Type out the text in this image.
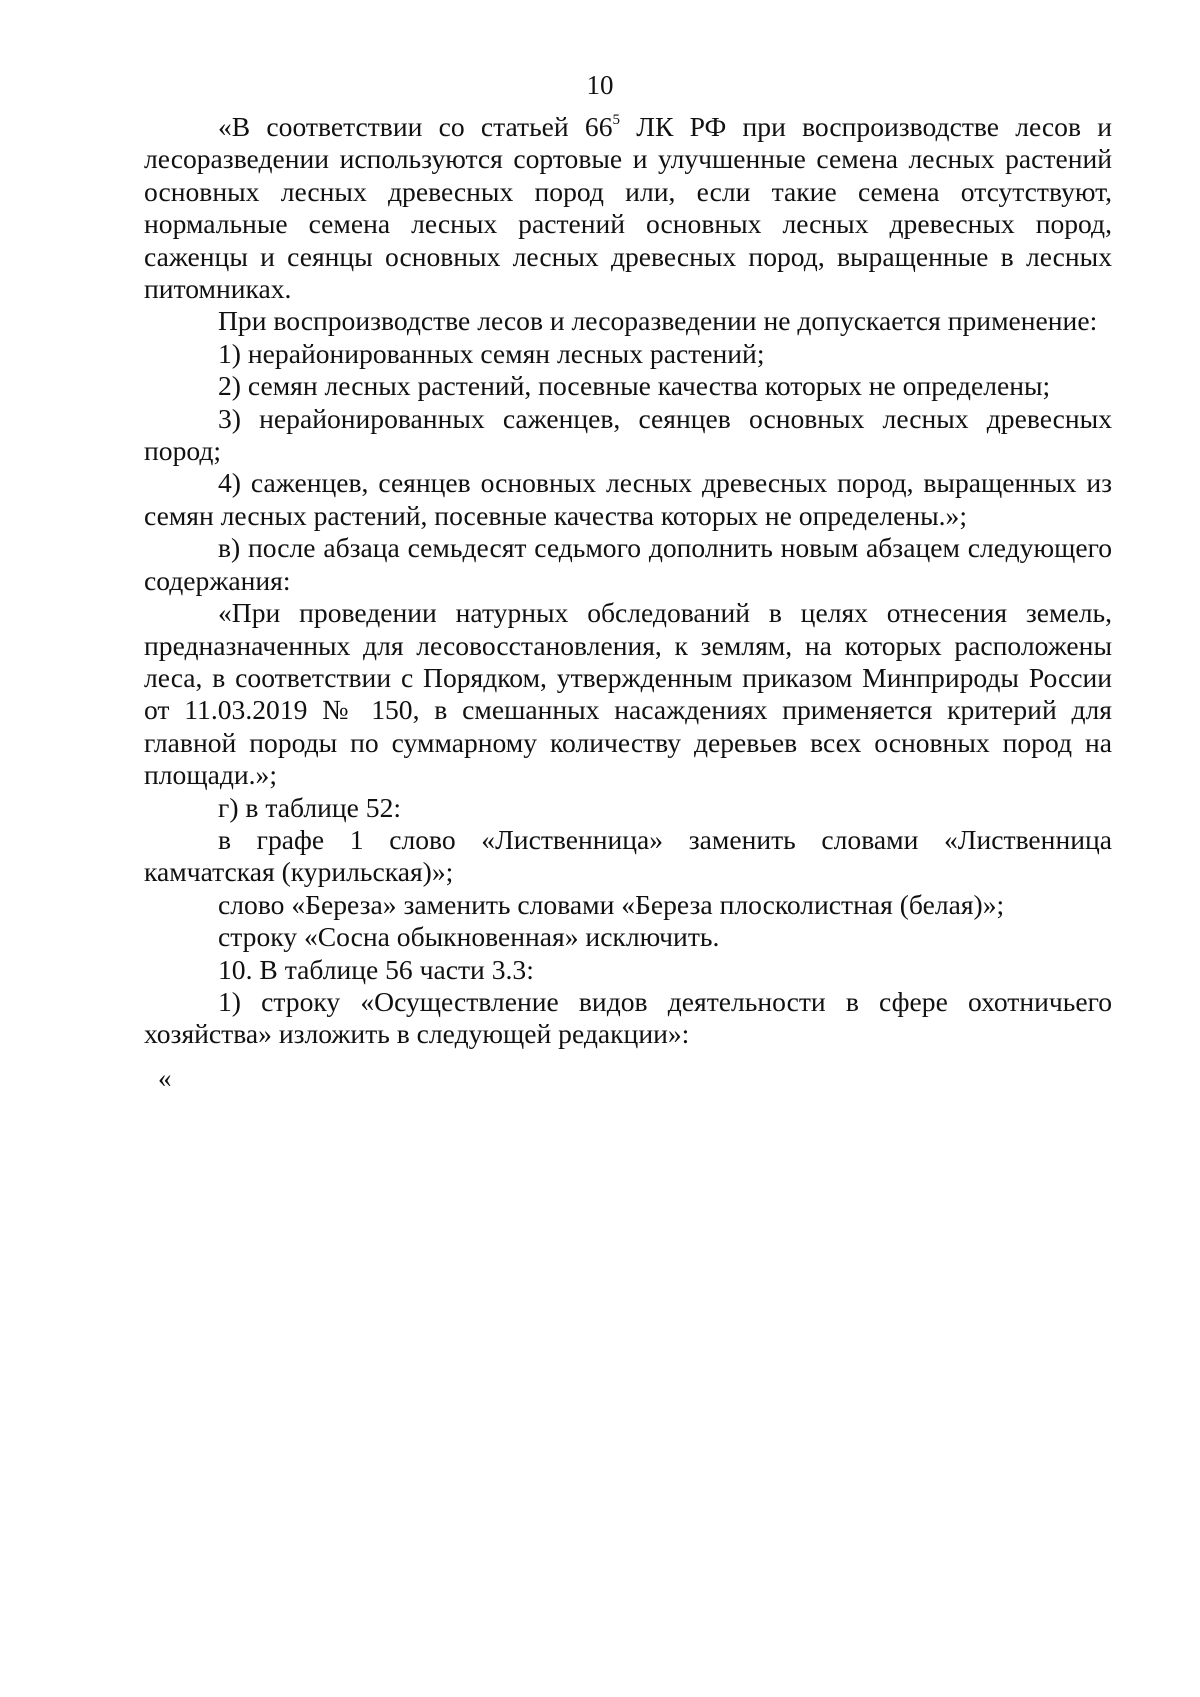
10

«В соответствии со статьей $66^5$ ЛК РФ при воспроизводстве лесов и лесоразведении используются сортовые и улучшенные семена лесных растений основных лесных древесных пород или, если такие семена отсутствуют, нормальные семена лесных растений основных лесных древесных пород, саженцы и сеянцы основных лесных древесных пород, выращенные в лесных питомниках.

При воспроизводстве лесов и лесоразведении не допускается применение:

1) нерайонированных семян лесных растений;

2) семян лесных растений, посевные качества которых не определены;

3) нерайонированных саженцев, сеянцев основных лесных древесных пород;

4) саженцев, сеянцев основных лесных древесных пород, выращенных из семян лесных растений, посевные качества которых не определены.»;

в) после абзаца семьдесят седьмого дополнить новым абзацем следующего содержания:

«При проведении натурных обследований в целях отнесения земель, предназначенных для лесовосстановления, к землям, на которых расположены леса, в соответствии с Порядком, утвержденным приказом Минприроды России от 11.03.2019 № 150, в смешанных насаждениях применяется критерий для главной породы по суммарному количеству деревьев всех основных пород на площади.»;

г) в таблице 52:

в графе 1 слово «Лиственница» заменить словами «Лиственница камчатская (курильская)»;

слово «Береза» заменить словами «Береза плосколистная (белая)»;

строку «Сосна обыкновенная» исключить.

10. В таблице 56 части 3.3:

1) строку «Осуществление видов деятельности в сфере охотничьего хозяйства» изложить в следующей редакции»:

«
